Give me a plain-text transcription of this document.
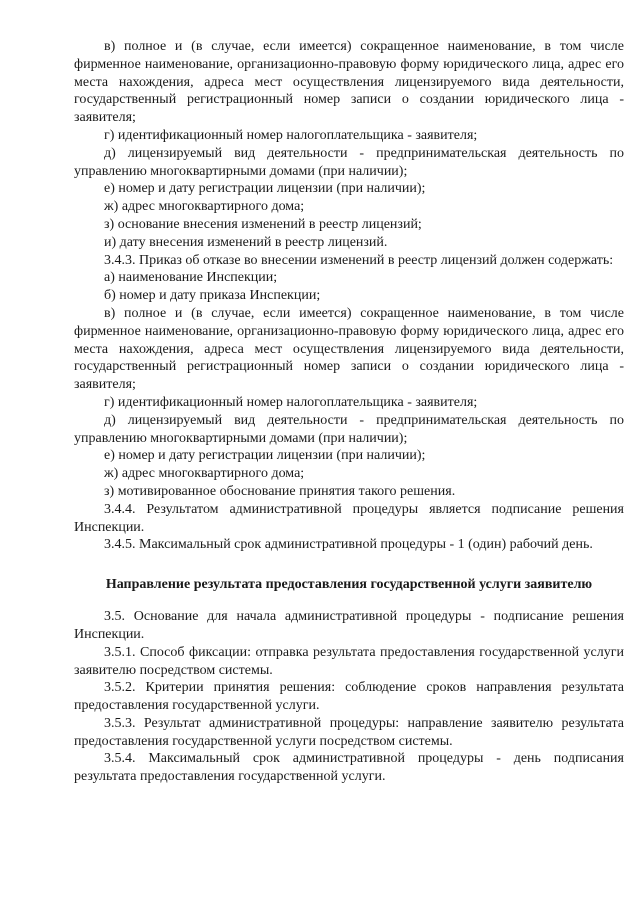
в) полное и (в случае, если имеется) сокращенное наименование, в том числе фирменное наименование, организационно-правовую форму юридического лица, адрес его места нахождения, адреса мест осуществления лицензируемого вида деятельности, государственный регистрационный номер записи о создании юридического лица - заявителя;

г) идентификационный номер налогоплательщика - заявителя;

д) лицензируемый вид деятельности - предпринимательская деятельность по управлению многоквартирными домами (при наличии);

е) номер и дату регистрации лицензии (при наличии);

ж) адрес многоквартирного дома;

з) основание внесения изменений в реестр лицензий;

и) дату внесения изменений в реестр лицензий.

3.4.3. Приказ об отказе во внесении изменений в реестр лицензий должен содержать:

а) наименование Инспекции;

б) номер и дату приказа Инспекции;

в) полное и (в случае, если имеется) сокращенное наименование, в том числе фирменное наименование, организационно-правовую форму юридического лица, адрес его места нахождения, адреса мест осуществления лицензируемого вида деятельности, государственный регистрационный номер записи о создании юридического лица - заявителя;

г) идентификационный номер налогоплательщика - заявителя;

д) лицензируемый вид деятельности - предпринимательская деятельность по управлению многоквартирными домами (при наличии);

е) номер и дату регистрации лицензии (при наличии);

ж) адрес многоквартирного дома;

з) мотивированное обоснование принятия такого решения.

3.4.4. Результатом административной процедуры является подписание решения Инспекции.

3.4.5. Максимальный срок административной процедуры - 1 (один) рабочий день.

Направление результата предоставления государственной услуги заявителю

3.5. Основание для начала административной процедуры - подписание решения Инспекции.

3.5.1. Способ фиксации: отправка результата предоставления государственной услуги заявителю посредством системы.

3.5.2. Критерии принятия решения: соблюдение сроков направления результата предоставления государственной услуги.

3.5.3. Результат административной процедуры: направление заявителю результата предоставления государственной услуги посредством системы.

3.5.4. Максимальный срок административной процедуры - день подписания результата предоставления государственной услуги.
